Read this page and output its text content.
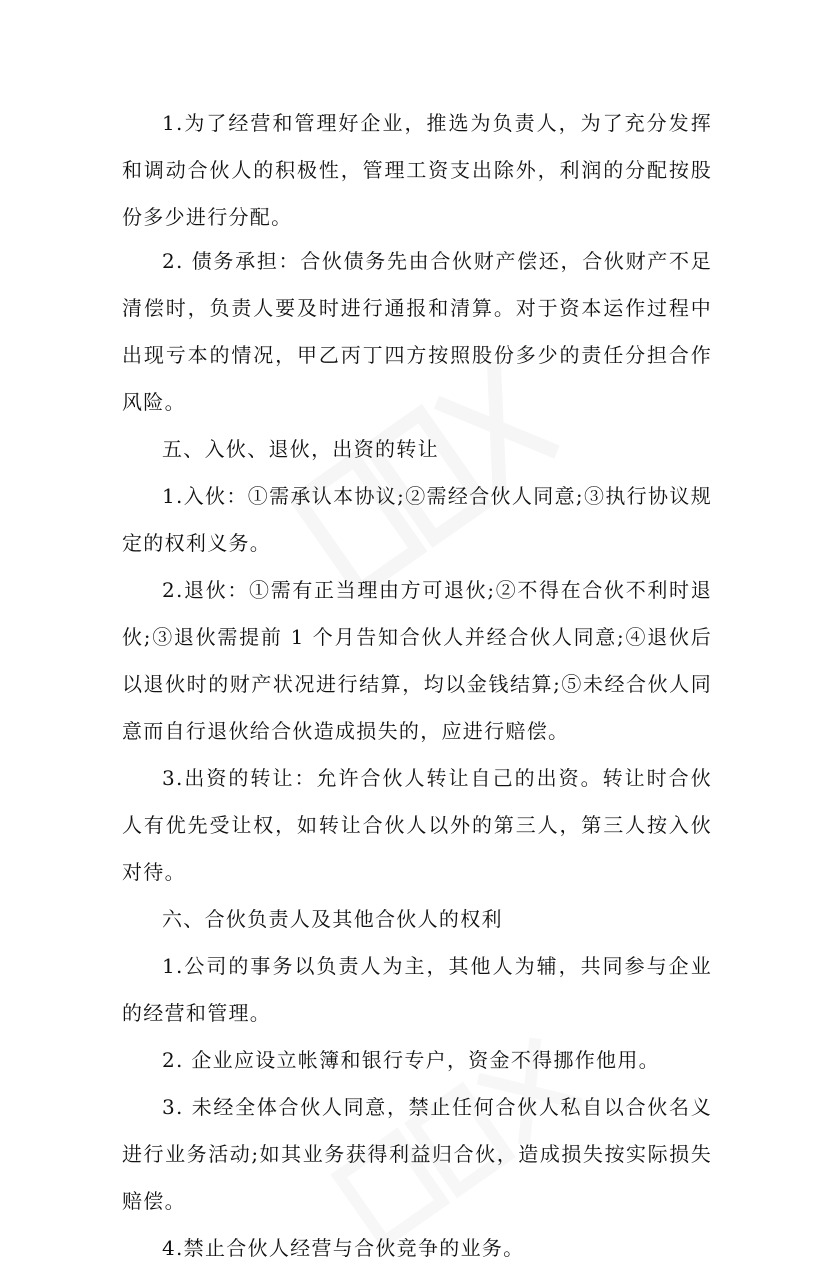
1.为了经营和管理好企业，推选为负责人，为了充分发挥和调动合伙人的积极性，管理工资支出除外，利润的分配按股份多少进行分配。

2. 债务承担：合伙债务先由合伙财产偿还，合伙财产不足清偿时，负责人要及时进行通报和清算。对于资本运作过程中出现亏本的情况，甲乙丙丁四方按照股份多少的责任分担合作风险。

五、入伙、退伙，出资的转让

1.入伙：①需承认本协议;②需经合伙人同意;③执行协议规定的权利义务。

2.退伙：①需有正当理由方可退伙;②不得在合伙不利时退伙;③退伙需提前 1 个月告知合伙人并经合伙人同意;④退伙后以退伙时的财产状况进行结算，均以金钱结算;⑤未经合伙人同意而自行退伙给合伙造成损失的，应进行赔偿。

3.出资的转让：允许合伙人转让自己的出资。转让时合伙人有优先受让权，如转让合伙人以外的第三人，第三人按入伙对待。

六、合伙负责人及其他合伙人的权利

1.公司的事务以负责人为主，其他人为辅，共同参与企业的经营和管理。

2. 企业应设立帐簿和银行专户，资金不得挪作他用。

3. 未经全体合伙人同意，禁止任何合伙人私自以合伙名义进行业务活动;如其业务获得利益归合伙，造成损失按实际损失赔偿。

4.禁止合伙人经营与合伙竞争的业务。
